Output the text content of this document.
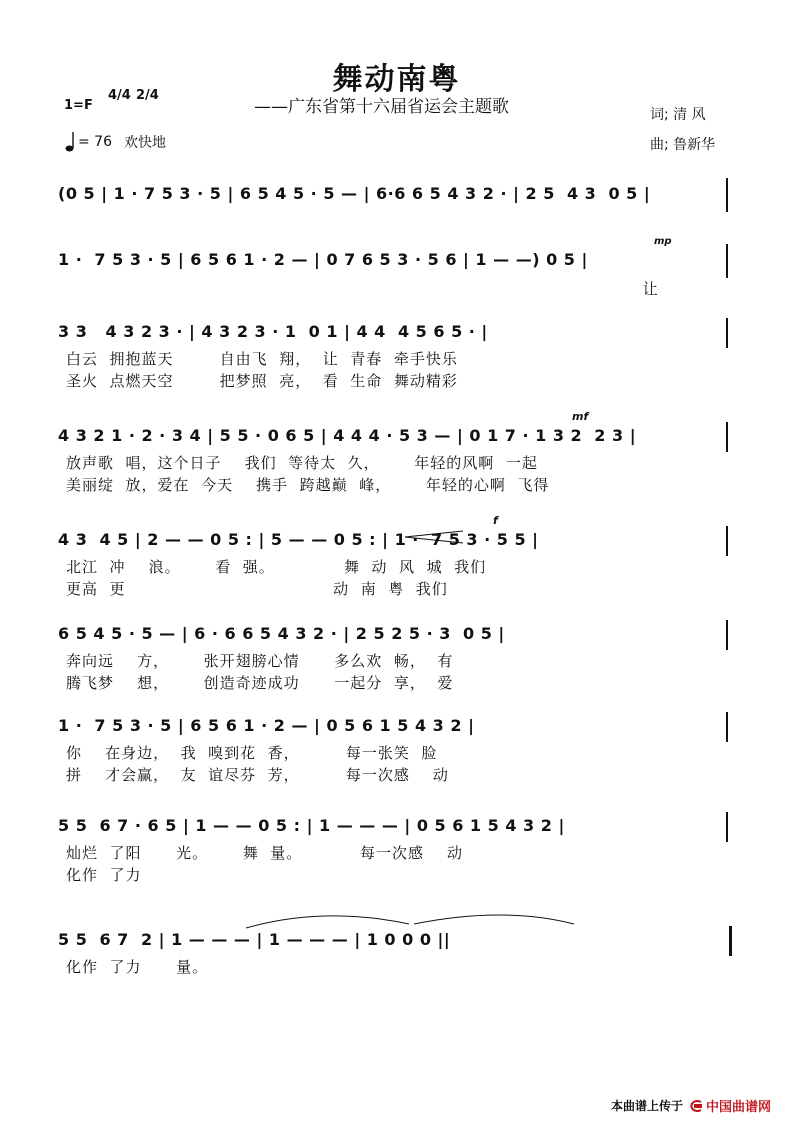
舞动南粤
——广东省第十六届省运会主题歌
1=F
4/4 2/4
词; 清 风
曲; 鲁新华
= 76 欢快地
(0 5 | 1 · 7 5 3 · 5 | 6 5 4 5 · 5 — | 6·6 6 5 4 3 2 · | 2 5  4 3  0 5 |
1 ·  7 5 3 · 5 | 6 5 6 1 · 2 — | 0 7 6 5 3 · 5 6 | 1 — —) 0 5 |
mp
让
3 3   4 3 2 3 · | 4 3 2 3 · 1  0 1 | 4 4  4 5 6 5 · |
白云  拥抱蓝天        自由飞  翔，  让  青春  牵手快乐
圣火  点燃天空        把梦照  亮，  看  生命  舞动精彩
4 3 2 1 · 2 · 3 4 | 5 5 · 0 6 5 | 4 4 4 · 5 3 — | 0 1 7 · 1 3 2  2 3 |
mf
放声歌  唱，这个日子    我们  等待太  久，      年轻的风啊  一起
美丽绽  放，爱在  今天    携手  跨越巅  峰，      年轻的心啊  飞得
4 3  4 5 | 2 — — 0 5 : | 5 — — 0 5 : | 1 ·  7 5 3 · 5 5 |
f
北江  冲    浪。      看  强。            舞  动  风  城  我们
更高  更                                    动  南  粤  我们
6 5 4 5 · 5 — | 6 · 6 6 5 4 3 2 · | 2 5 2 5 · 3  0 5 |
奔向远    方，      张开翅膀心情      多么欢  畅，  有
腾飞梦    想，      创造奇迹成功      一起分  享，  爱
1 ·  7 5 3 · 5 | 6 5 6 1 · 2 — | 0 5 6 1 5 4 3 2 |
你    在身边，  我  嗅到花  香，        每一张笑  脸
拼    才会赢，  友  谊尽芬  芳，        每一次感    动
5 5  6 7 · 6 5 | 1 — — 0 5 : | 1 — — — | 0 5 6 1 5 4 3 2 |
灿烂  了阳      光。      舞  量。          每一次感    动
化作  了力
5 5  6 7  2 | 1 — — — | 1 — — — | 1 0 0 0 ||
化作  了力      量。
本曲谱上传于 中国曲谱网
